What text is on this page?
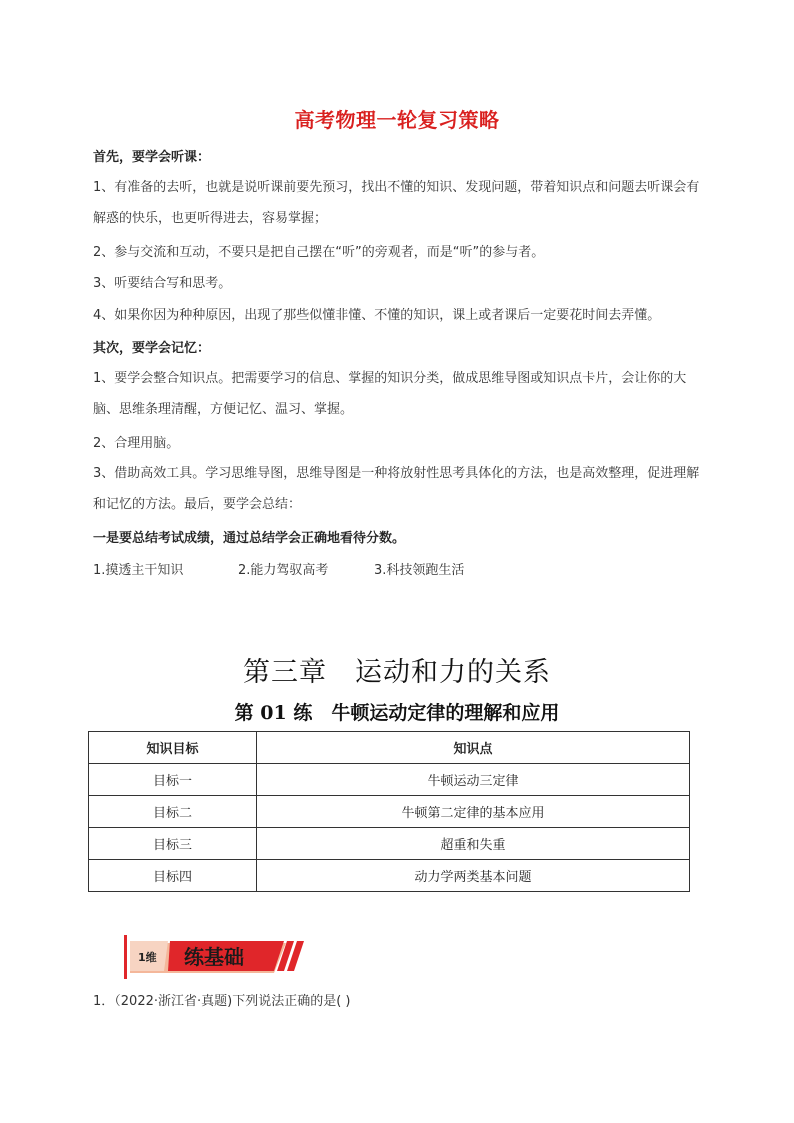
高考物理一轮复习策略
首先，要学会听课：
1、有准备的去听，也就是说听课前要先预习，找出不懂的知识、发现问题，带着知识点和问题去听课会有解惑的快乐，也更听得进去，容易掌握；
2、参与交流和互动，不要只是把自己摆在“听”的旁观者，而是“听”的参与者。
3、听要结合写和思考。
4、如果你因为种种原因，出现了那些似懂非懂、不懂的知识，课上或者课后一定要花时间去弄懂。
其次，要学会记忆：
1、要学会整合知识点。把需要学习的信息、掌握的知识分类，做成思维导图或知识点卡片，会让你的大脑、思维条理清醒，方便记忆、温习、掌握。
2、合理用脑。
3、借助高效工具。学习思维导图，思维导图是一种将放射性思考具体化的方法，也是高效整理，促进理解和记忆的方法。最后，要学会总结：
一是要总结考试成绩，通过总结学会正确地看待分数。
1.摸透主干知识	2.能力驾驭高考	3.科技领跑生活
第三章　运动和力的关系
第 01 练　牛顿运动定律的理解和应用
知识目标	知识点
目标一	牛顿运动三定律
目标二	牛顿第二定律的基本应用
目标三	超重和失重
目标四	动力学两类基本问题
1维 练基础
1．（2022·浙江省·真题)下列说法正确的是( )
